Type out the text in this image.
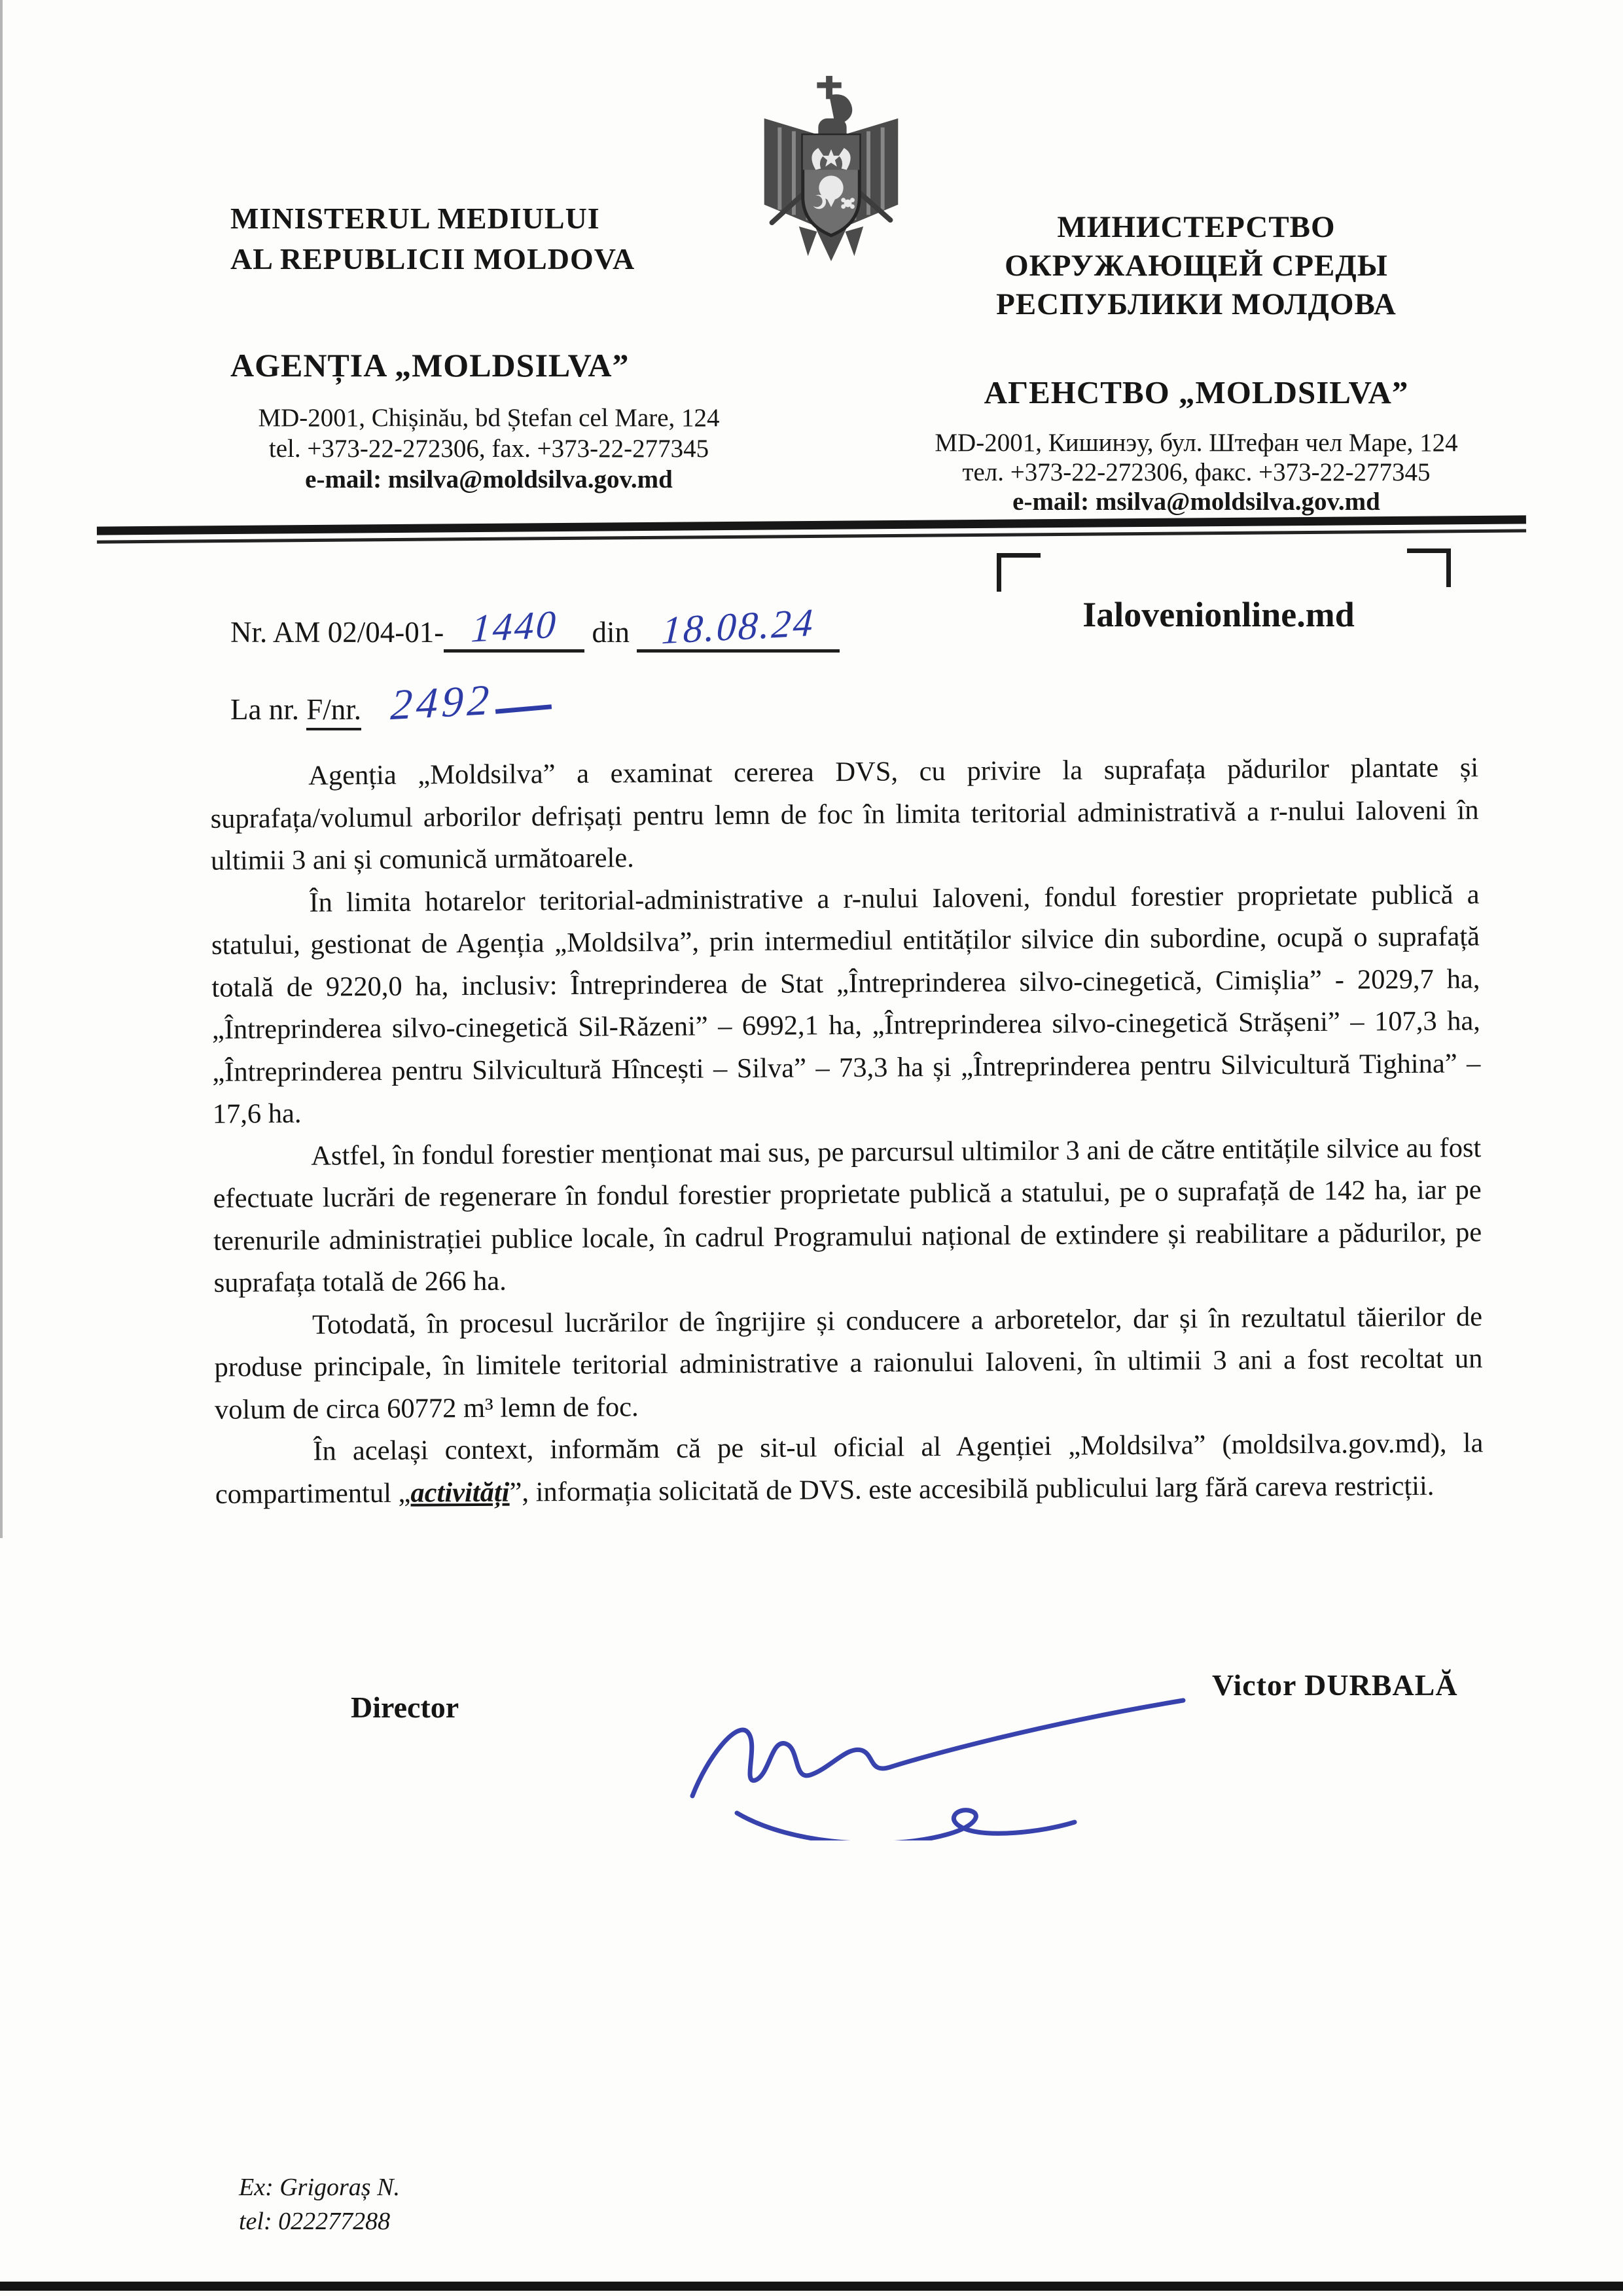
MINISTERUL MEDIULUI
AL REPUBLICII MOLDOVA
AGENȚIA „MOLDSILVA”
MD-2001, Chișinău, bd Ștefan cel Mare, 124
tel. +373-22-272306, fax. +373-22-277345
e-mail: msilva@moldsilva.gov.md
МИНИСТЕРСТВО
ОКРУЖАЮЩЕЙ СРЕДЫ
РЕСПУБЛИКИ МОЛДОВА
АГЕНСТВО „MOLDSILVA”
MD-2001, Кишинэу, бул. Штефан чел Маре, 124
тел. +373-22-272306, факс. +373-22-277345
e-mail: msilva@moldsilva.gov.md
Ialovenionline.md
Nr. AM 02/04-01- 1440 din 18.08.24
La nr. F/nr. 2492

Agenția „Moldsilva” a examinat cererea DVS, cu privire la suprafața pădurilor plantate și suprafața/volumul arborilor defrișați pentru lemn de foc în limita teritorial administrativă a r-nului Ialoveni în ultimii 3 ani și comunică următoarele.

În limita hotarelor teritorial-administrative a r-nului Ialoveni, fondul forestier proprietate publică a statului, gestionat de Agenția „Moldsilva”, prin intermediul entităților silvice din subordine, ocupă o suprafață totală de 9220,0 ha, inclusiv: Întreprinderea de Stat „Întreprinderea silvo-cinegetică, Cimișlia” - 2029,7 ha, „Întreprinderea silvo-cinegetică Sil-Răzeni” – 6992,1 ha, „Întreprinderea silvo-cinegetică Strășeni” – 107,3 ha, „Întreprinderea pentru Silvicultură Hîncești – Silva” – 73,3 ha și „Întreprinderea pentru Silvicultură Tighina” – 17,6 ha.

Astfel, în fondul forestier menționat mai sus, pe parcursul ultimilor 3 ani de către entitățile silvice au fost efectuate lucrări de regenerare în fondul forestier proprietate publică a statului, pe o suprafață de 142 ha, iar pe terenurile administrației publice locale, în cadrul Programului național de extindere și reabilitare a pădurilor, pe suprafața totală de 266 ha.

Totodată, în procesul lucrărilor de îngrijire și conducere a arboretelor, dar și în rezultatul tăierilor de produse principale, în limitele teritorial administrative a raionului Ialoveni, în ultimii 3 ani a fost recoltat un volum de circa 60772 m³ lemn de foc.

În același context, informăm că pe sit-ul oficial al Agenției „Moldsilva” (moldsilva.gov.md), la compartimentul „activități”, informația solicitată de DVS. este accesibilă publicului larg fără careva restricții.

Director
Victor DURBALĂ
Ex: Grigoraș N.
tel: 022277288
